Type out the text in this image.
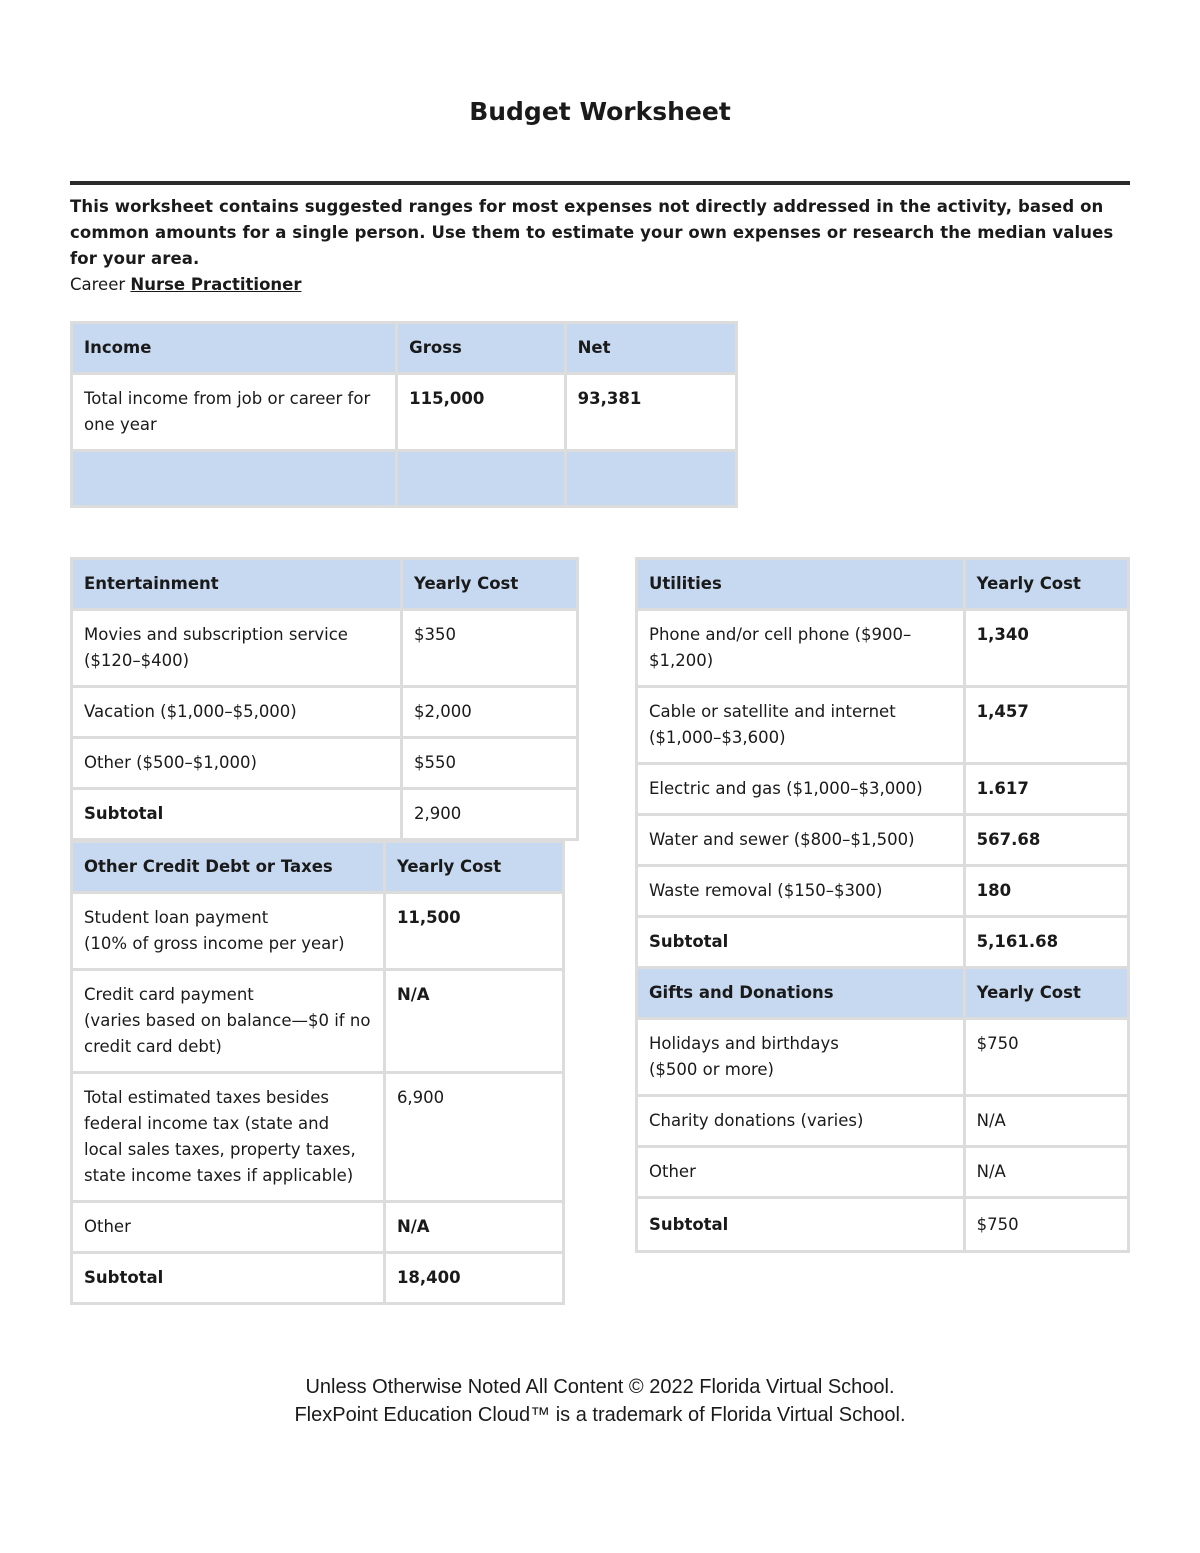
Budget Worksheet
This worksheet contains suggested ranges for most expenses not directly addressed in the activity, based on common amounts for a single person. Use them to estimate your own expenses or research the median values for your area.
Career Nurse Practitioner
Income	Gross	Net
Total income from job or career for one year	115,000	93,381

Entertainment	Yearly Cost
Movies and subscription service ($120–$400)	$350
Vacation ($1,000–$5,000)	$2,000
Other ($500–$1,000)	$550
Subtotal	2,900
Other Credit Debt or Taxes	Yearly Cost

Student loan payment
(10% of gross income per year)	11,500

Credit card payment
(varies based on balance—$0 if no credit card debt)	N/A
Total estimated taxes besides federal income tax (state and local sales taxes, property taxes, state income taxes if applicable)	6,900
Other	N/A
Subtotal	18,400
Utilities	Yearly Cost
Phone and/or cell phone ($900–$1,200)	1,340
Cable or satellite and internet ($1,000–$3,600)	1,457
Electric and gas ($1,000–$3,000)	1.617
Water and sewer ($800–$1,500)	567.68
Waste removal ($150–$300)	180
Subtotal	5,161.68
Gifts and Donations	Yearly Cost

Holidays and birthdays
($500 or more)	$750
Charity donations (varies)	N/A
Other	N/A
Subtotal	$750
Unless Otherwise Noted All Content © 2022 Florida Virtual School.
FlexPoint Education Cloud™ is a trademark of Florida Virtual School.
